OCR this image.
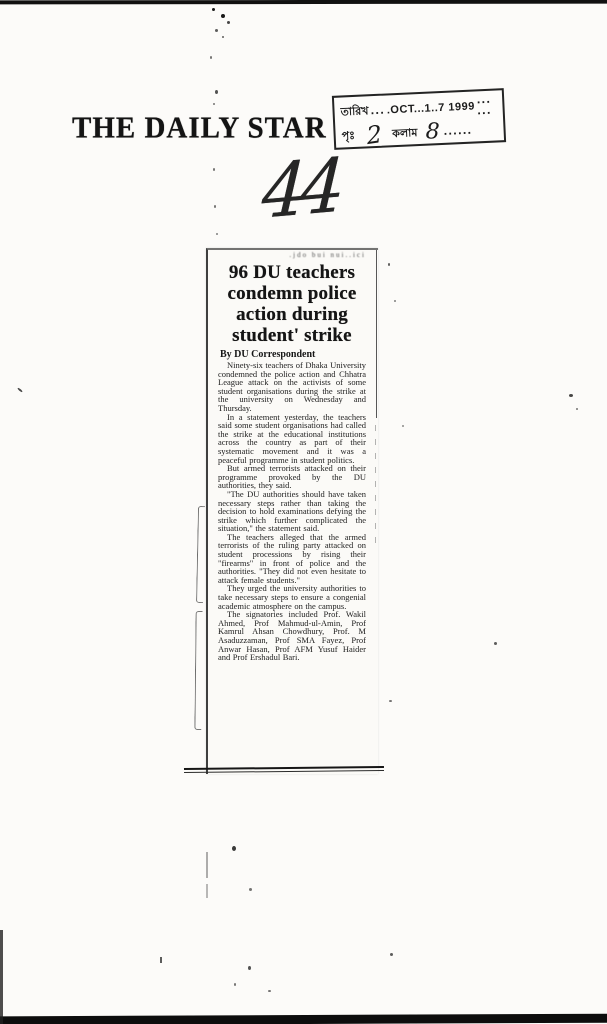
THE DAILY STAR
তারিখ ... .OCT...1..7 1999 ... ...
পৃঃ 2 কলাম 8 ......
44
.jdo bui nui..ici
96 DU teachers
condemn police
action during
student' strike
By DU Correspondent

Ninety-six teachers of Dhaka University condemned the police action and Chhatra League attack on the activists of some student organisations during the strike at the university on Wednesday and Thursday.

In a statement yesterday, the teachers said some student organisations had called the strike at the educational institutions across the country as part of their systematic movement and it was a peaceful programme in student politics.

But armed terrorists attacked on their programme provoked by the DU authorities, they said.

"The DU authorities should have taken necessary steps rather than taking the decision to hold examinations defying the strike which further complicated the situation," the statement said.

The teachers alleged that the armed terrorists of the ruling party attacked on student processions by rising their "firearms" in front of police and the authorities. "They did not even hesitate to attack female students."

They urged the university authorities to take necessary steps to ensure a congenial academic atmosphere on the campus.

The signatories included Prof. Wakil Ahmed, Prof Mahmud-ul-Amin, Prof Kamrul Ahsan Chowdhury, Prof. M Asaduzzaman, Prof SMA Fayez, Prof Anwar Hasan, Prof AFM Yusuf Haider and Prof Ershadul Bari.
